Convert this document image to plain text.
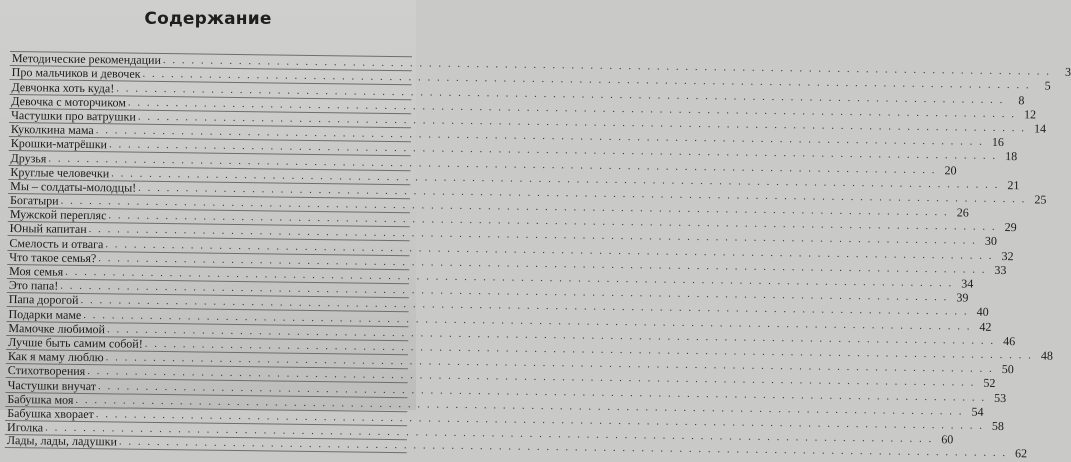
Содержание
Методические рекомендации
. . .
3
Про мальчиков и девочек
. . .
5
Девчонка хоть куда!
. . .
8
Девочка с моторчиком
. . .
12
Частушки про ватрушки
. . .
14
Куколкина мама
. . .
16
Крошки-матрёшки
. . .
18
Друзья
. . .
20
Круглые человечки
. . .
21
Мы – солдаты-молодцы!
. . .
25
Богатыри
. . .
26
Мужской перепляс
. . .
29
Юный капитан
. . .
30
Смелость и отвага
. . .
32
Что такое семья?
. . .
33
Моя семья
. . .
34
Это папа!
. . .
39
Папа дорогой
. . .
40
Подарки маме
. . .
42
Мамочке любимой
. . .
46
Лучше быть самим собой!
. . .
48
Как я маму люблю
. . .
50
Стихотворения
. . .
52
Частушки внучат
. . .
53
Бабушка моя
. . .
54
Бабушка хворает
. . .
58
Иголка
. . .
60
Лады, лады, ладушки
. . .
62
